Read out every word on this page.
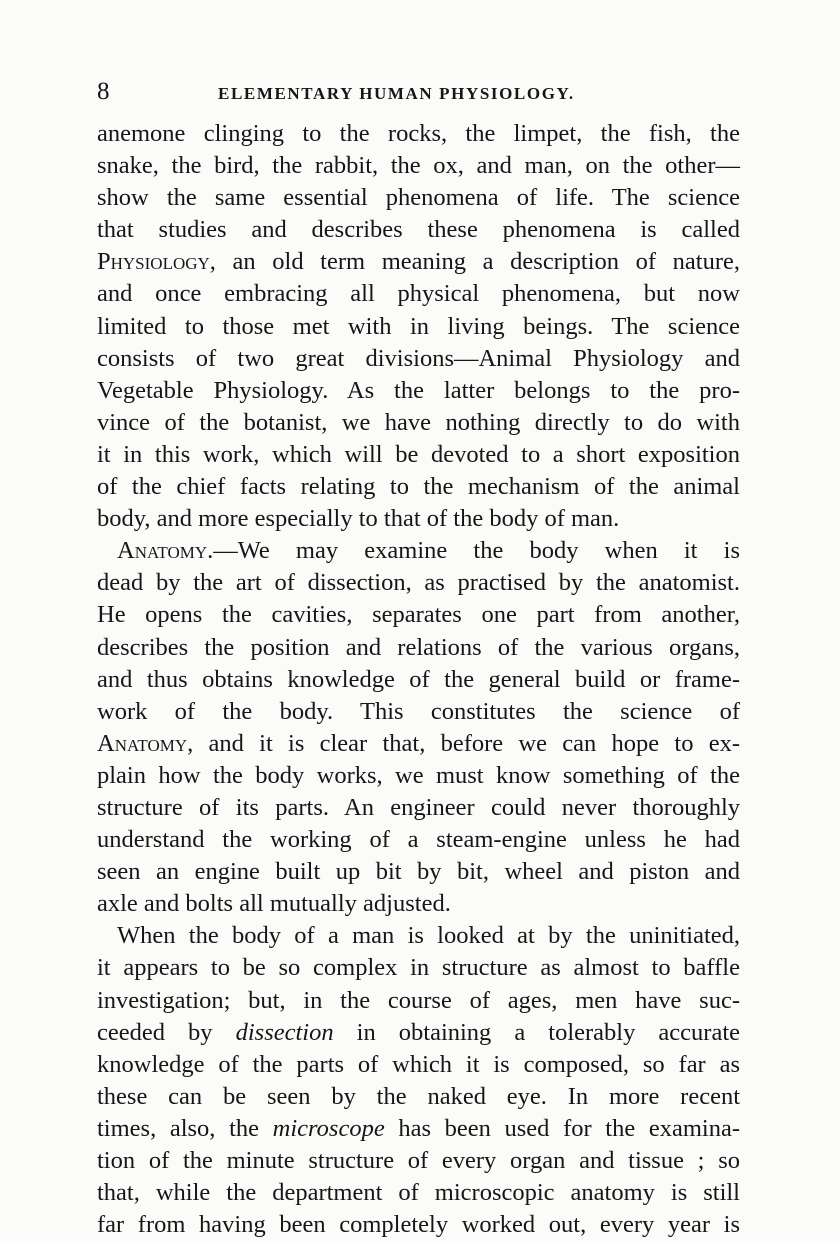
8	ELEMENTARY HUMAN PHYSIOLOGY.
anemone clinging to the rocks, the limpet, the fish, the
snake, the bird, the rabbit, the ox, and man, on the other—
show the same essential phenomena of life. The science
that studies and describes these phenomena is called
Physiology, an old term meaning a description of nature,
and once embracing all physical phenomena, but now
limited to those met with in living beings. The science
consists of two great divisions—Animal Physiology and
Vegetable Physiology. As the latter belongs to the pro-
vince of the botanist, we have nothing directly to do with
it in this work, which will be devoted to a short exposition
of the chief facts relating to the mechanism of the animal
body, and more especially to that of the body of man.
Anatomy.—We may examine the body when it is
dead by the art of dissection, as practised by the anatomist.
He opens the cavities, separates one part from another,
describes the position and relations of the various organs,
and thus obtains knowledge of the general build or frame-
work of the body. This constitutes the science of
Anatomy, and it is clear that, before we can hope to ex-
plain how the body works, we must know something of the
structure of its parts. An engineer could never thoroughly
understand the working of a steam-engine unless he had
seen an engine built up bit by bit, wheel and piston and
axle and bolts all mutually adjusted.
When the body of a man is looked at by the uninitiated,
it appears to be so complex in structure as almost to baffle
investigation; but, in the course of ages, men have suc-
ceeded by dissection in obtaining a tolerably accurate
knowledge of the parts of which it is composed, so far as
these can be seen by the naked eye. In more recent
times, also, the microscope has been used for the examina-
tion of the minute structure of every organ and tissue ; so
that, while the department of microscopic anatomy is still
far from having been completely worked out, every year is
